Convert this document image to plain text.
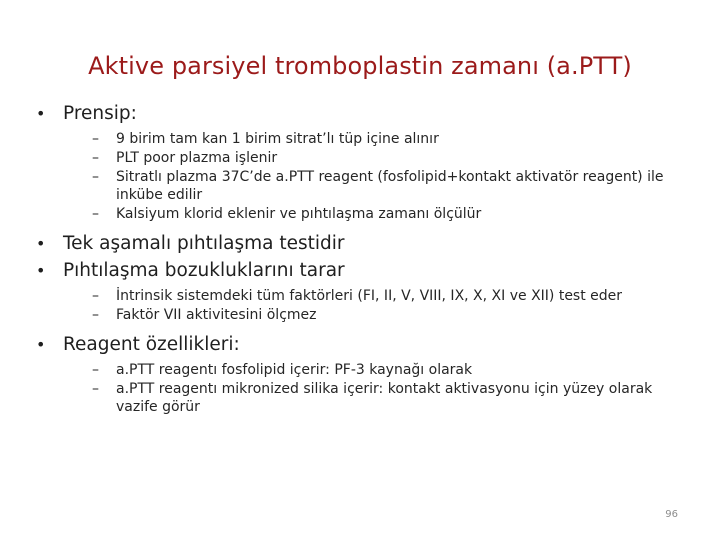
Aktive parsiyel tromboplastin zamanı (a.PTT)
• Prensip:
– 9 birim tam kan 1 birim sitrat’lı tüp içine alınır
– PLT poor plazma işlenir
– Sitratlı plazma 37C’de a.PTT reagent (fosfolipid+kontakt aktivatör reagent) ile inkübe edilir
– Kalsiyum klorid eklenir ve pıhtılaşma zamanı ölçülür
• Tek aşamalı pıhtılaşma testidir
• Pıhtılaşma bozukluklarını tarar
– İntrinsik sistemdeki tüm faktörleri (FI, II, V, VIII, IX, X, XI ve XII) test eder
– Faktör VII aktivitesini ölçmez
• Reagent özellikleri:
– a.PTT reagentı fosfolipid içerir: PF-3 kaynağı olarak
– a.PTT reagentı mikronized silika içerir: kontakt aktivasyonu için yüzey olarak vazife görür
96
